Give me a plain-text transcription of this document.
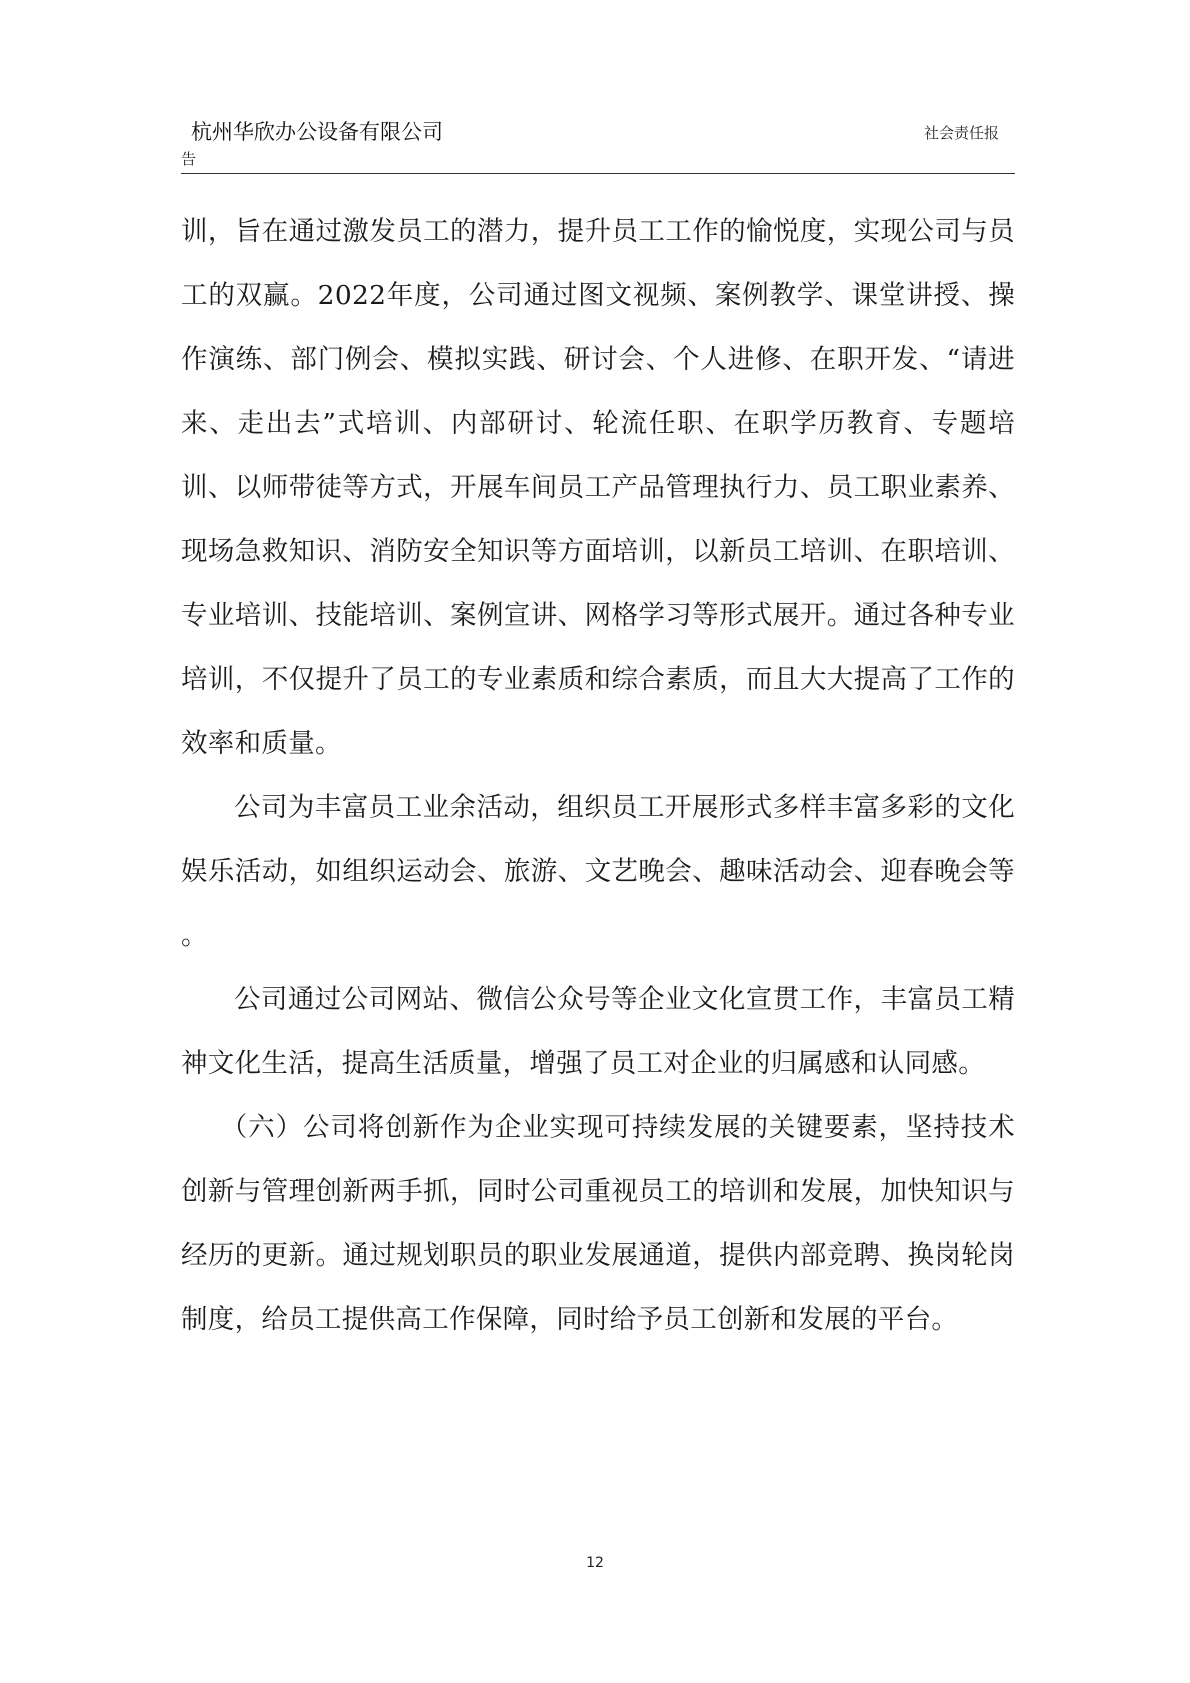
杭州华欣办公设备有限公司	社会责任报
告

训，旨在通过激发员工的潜力，提升员工工作的愉悦度，实现公司与员工的双赢。2022年度，公司通过图文视频、案例教学、课堂讲授、操作演练、部门例会、模拟实践、研讨会、个人进修、在职开发、“请进来、走出去”式培训、内部研讨、轮流任职、在职学历教育、专题培训、以师带徒等方式，开展车间员工产品管理执行力、员工职业素养、现场急救知识、消防安全知识等方面培训，以新员工培训、在职培训、专业培训、技能培训、案例宣讲、网格学习等形式展开。通过各种专业培训，不仅提升了员工的专业素质和综合素质，而且大大提高了工作的效率和质量。

公司为丰富员工业余活动，组织员工开展形式多样丰富多彩的文化娱乐活动，如组织运动会、旅游、文艺晚会、趣味活动会、迎春晚会等 。

公司通过公司网站、微信公众号等企业文化宣贯工作，丰富员工精神文化生活，提高生活质量，增强了员工对企业的归属感和认同感。

（六）公司将创新作为企业实现可持续发展的关键要素，坚持技术创新与管理创新两手抓，同时公司重视员工的培训和发展，加快知识与经历的更新。通过规划职员的职业发展通道，提供内部竞聘、换岗轮岗制度，给员工提供高工作保障，同时给予员工创新和发展的平台。

12
